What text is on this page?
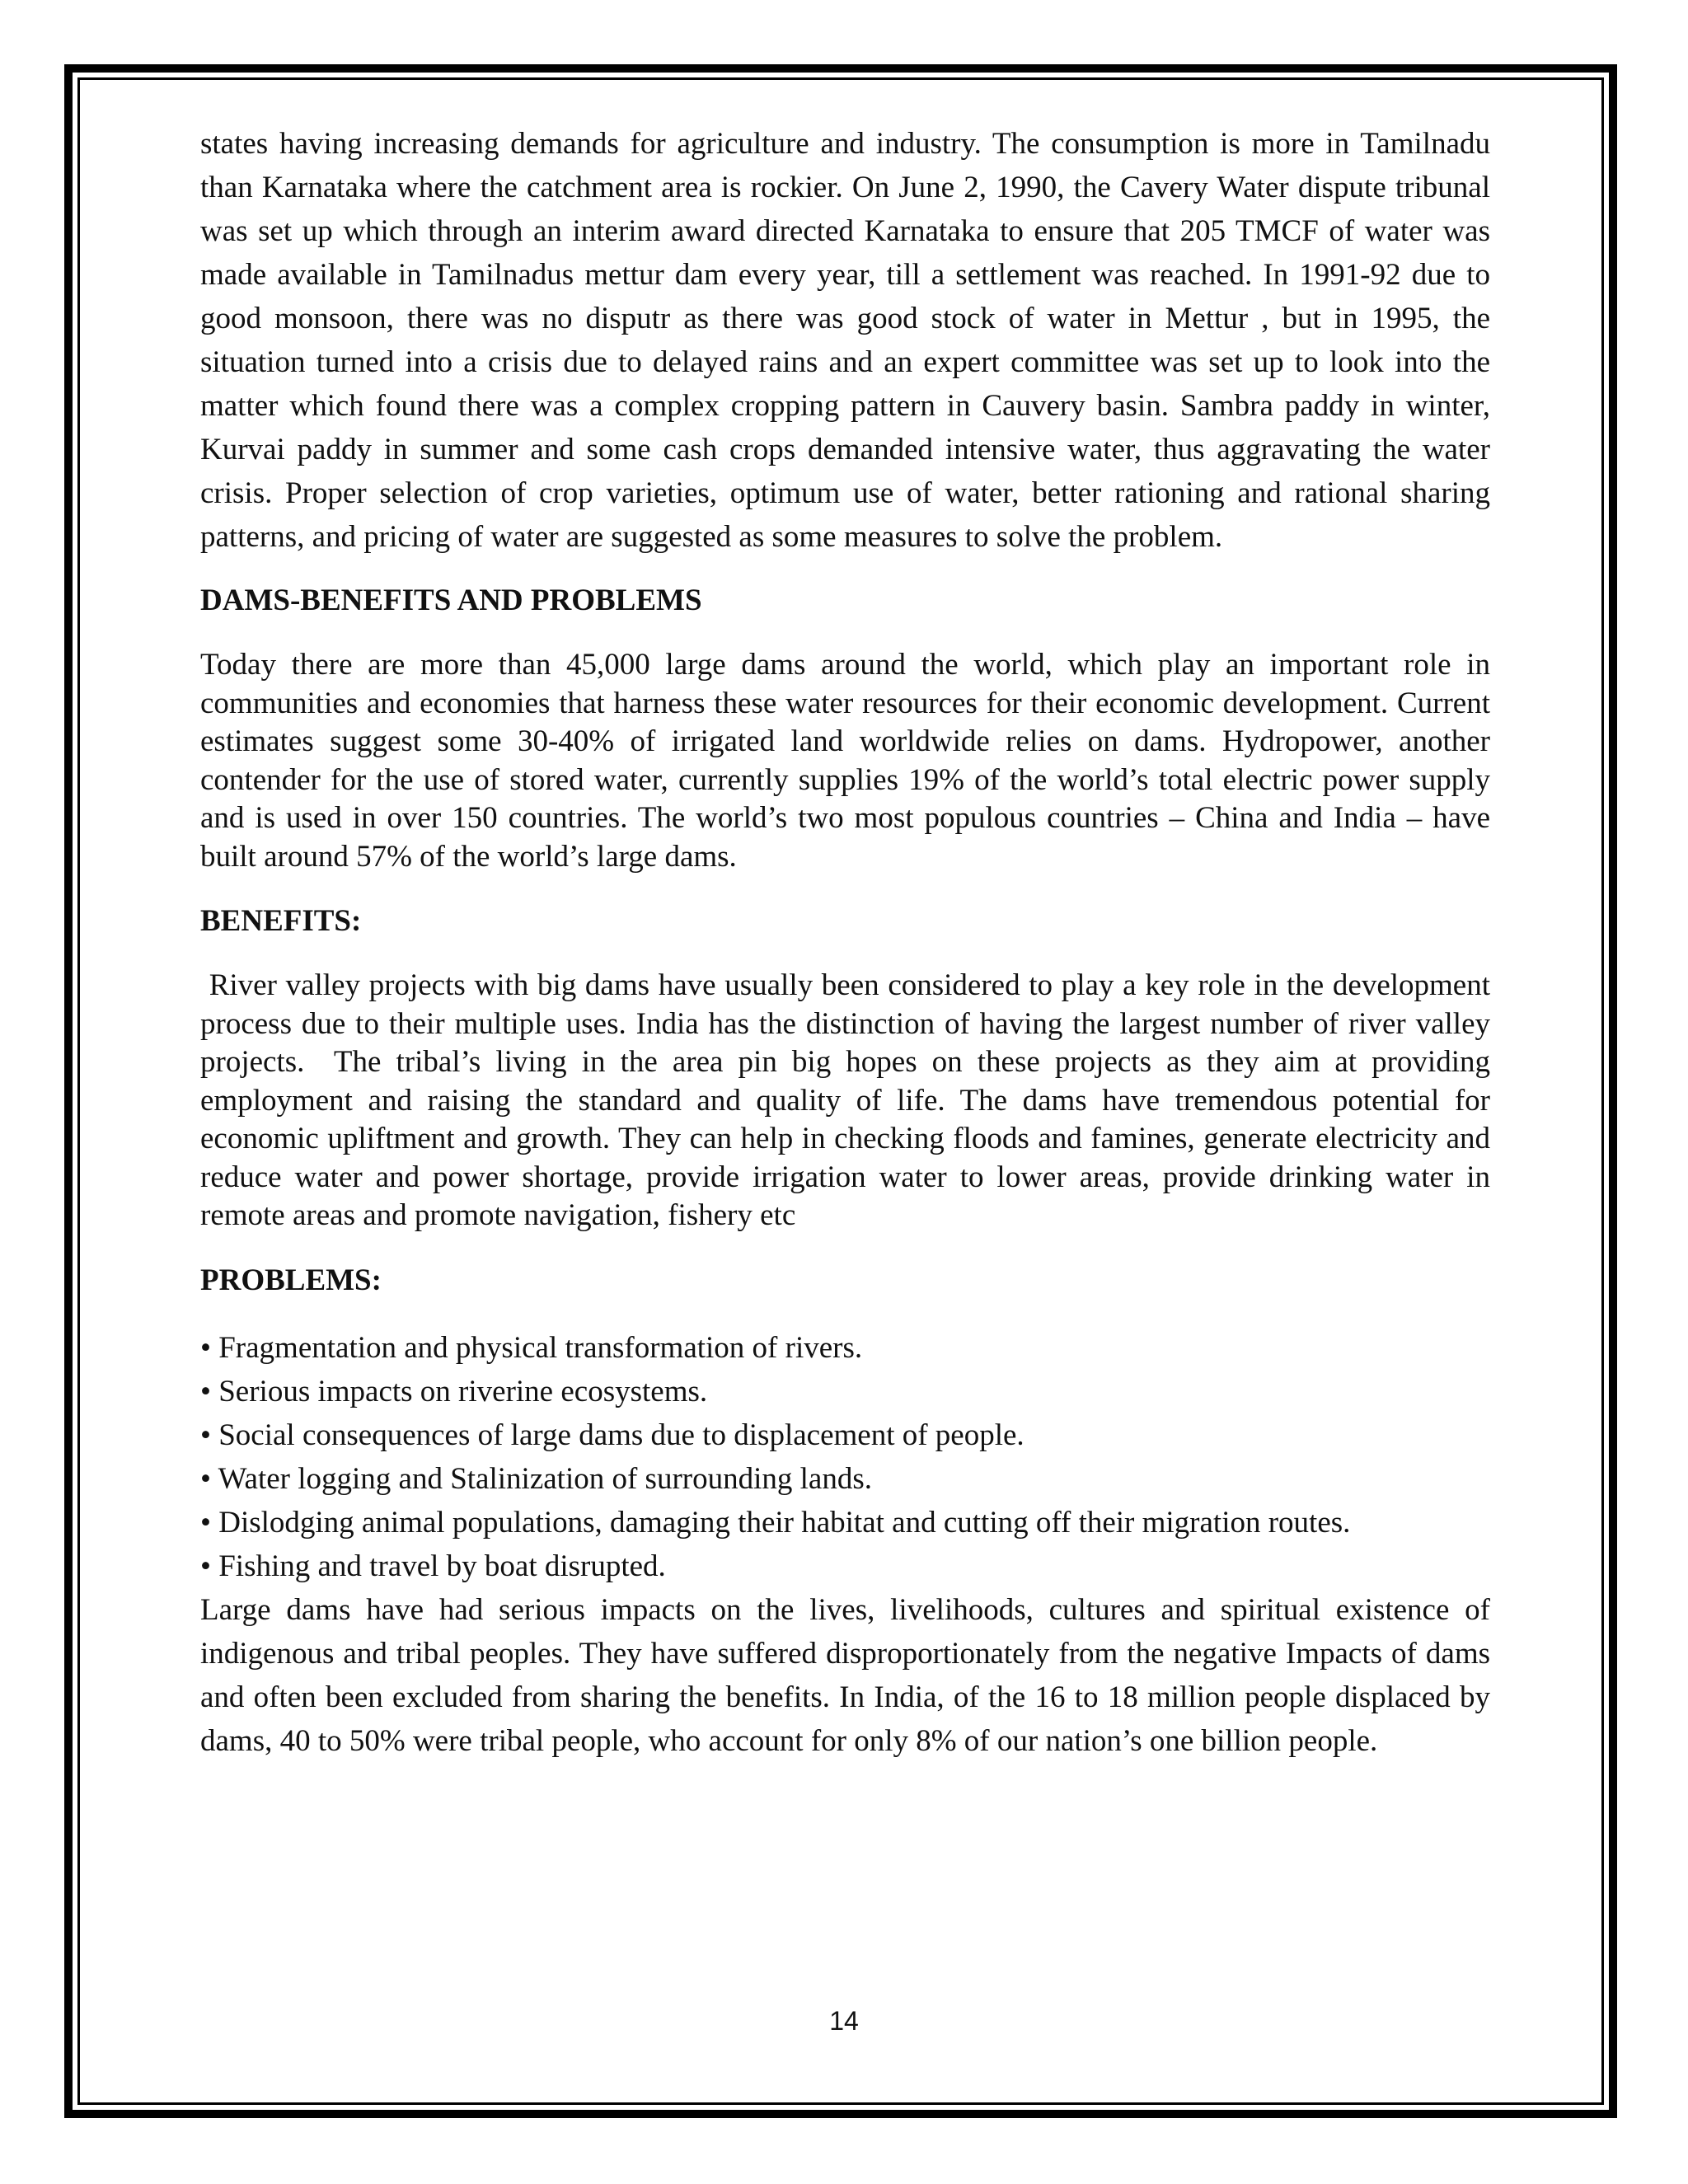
states having increasing demands for agriculture and industry. The consumption is more in Tamilnadu than Karnataka where the catchment area is rockier. On June 2, 1990, the Cavery Water dispute tribunal was set up which through an interim award directed Karnataka to ensure that 205 TMCF of water was made available in Tamilnadus mettur dam every year, till a settlement was reached. In 1991-92 due to good monsoon, there was no disputr as there was good stock of water in Mettur , but in 1995, the situation turned into a crisis due to delayed rains and an expert committee was set up to look into the matter which found there was a complex cropping pattern in Cauvery basin. Sambra paddy in winter, Kurvai paddy in summer and some cash crops demanded intensive water, thus aggravating the water crisis. Proper selection of crop varieties, optimum use of water, better rationing and rational sharing patterns, and pricing of water are suggested as some measures to solve the problem.

DAMS-BENEFITS AND PROBLEMS

Today there are more than 45,000 large dams around the world, which play an important role in communities and economies that harness these water resources for their economic development. Current estimates suggest some 30-40% of irrigated land worldwide relies on dams. Hydropower, another contender for the use of stored water, currently supplies 19% of the world’s total electric power supply and is used in over 150 countries. The world’s two most populous countries – China and India – have built around 57% of the world’s large dams.

BENEFITS:

River valley projects with big dams have usually been considered to play a key role in the development process due to their multiple uses. India has the distinction of having the largest number of river valley projects.  The tribal’s living in the area pin big hopes on these projects as they aim at providing employment and raising the standard and quality of life. The dams have tremendous potential for economic upliftment and growth. They can help in checking floods and famines, generate electricity and reduce water and power shortage, provide irrigation water to lower areas, provide drinking water in remote areas and promote navigation, fishery etc

PROBLEMS:
• Fragmentation and physical transformation of rivers.
• Serious impacts on riverine ecosystems.
• Social consequences of large dams due to displacement of people.
• Water logging and Stalinization of surrounding lands.
• Dislodging animal populations, damaging their habitat and cutting off their migration routes.
• Fishing and travel by boat disrupted.

Large dams have had serious impacts on the lives, livelihoods, cultures and spiritual existence of indigenous and tribal peoples. They have suffered disproportionately from the negative Impacts of dams and often been excluded from sharing the benefits. In India, of the 16 to 18 million people displaced by dams, 40 to 50% were tribal people, who account for only 8% of our nation’s one billion people.

14
